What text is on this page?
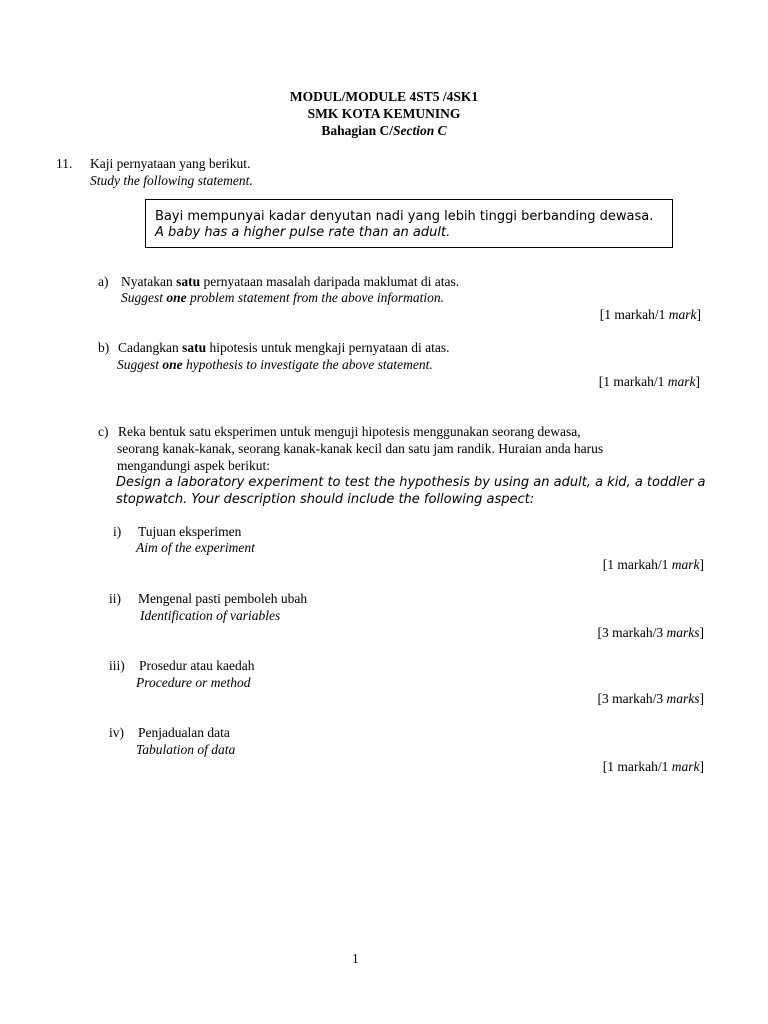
MODUL/MODULE 4ST5 /4SK1
SMK KOTA KEMUNING
Bahagian C/Section C
11. Kaji pernyataan yang berikut.
Study the following statement.
Bayi mempunyai kadar denyutan nadi yang lebih tinggi berbanding dewasa.
A baby has a higher pulse rate than an adult.
a) Nyatakan satu pernyataan masalah daripada maklumat di atas.
Suggest one problem statement from the above information.
[1 markah/1 mark]
b) Cadangkan satu hipotesis untuk mengkaji pernyataan di atas.
Suggest one hypothesis to investigate the above statement.
[1 markah/1 mark]
c) Reka bentuk satu eksperimen untuk menguji hipotesis menggunakan seorang dewasa,
seorang kanak-kanak, seorang kanak-kanak kecil dan satu jam randik. Huraian anda harus
mengandungi aspek berikut:
Design a laboratory experiment to test the hypothesis by using an adult, a kid, a toddler a
stopwatch. Your description should include the following aspect:
i) Tujuan eksperimen
Aim of the experiment
[1 markah/1 mark]
ii) Mengenal pasti pemboleh ubah
Identification of variables
[3 markah/3 marks]
iii) Prosedur atau kaedah
Procedure or method
[3 markah/3 marks]
iv) Penjadualan data
Tabulation of data
[1 markah/1 mark]
1
